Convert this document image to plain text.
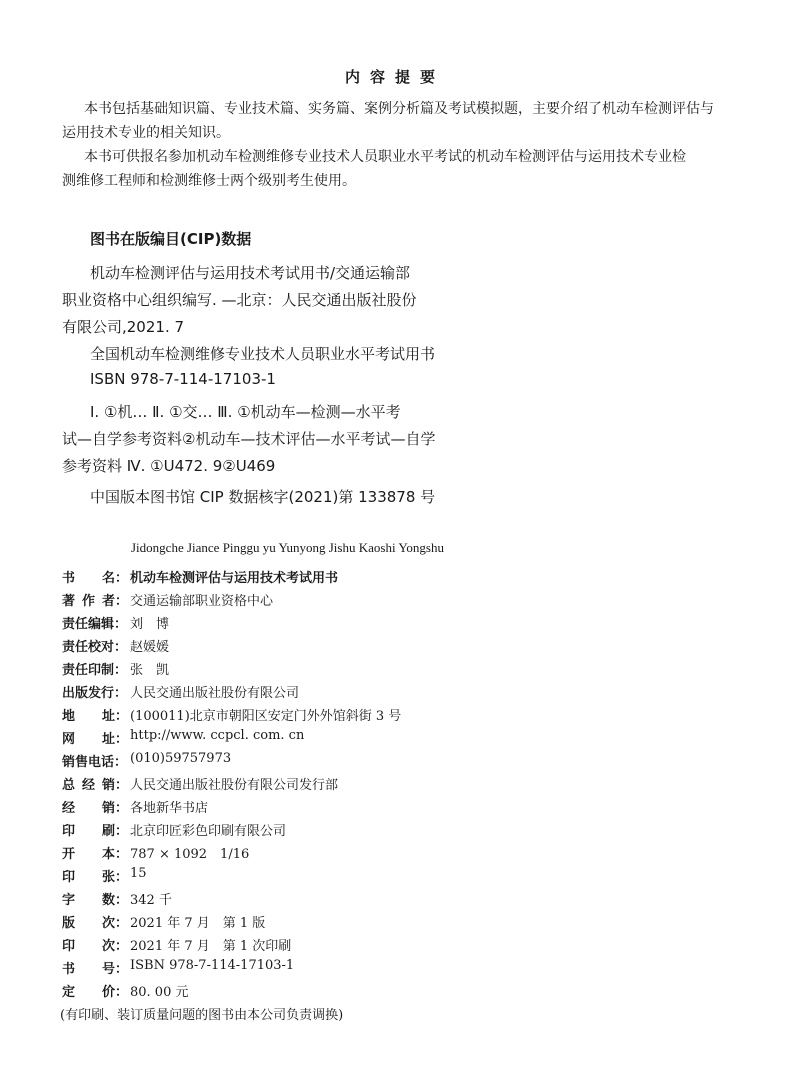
内容提要
本书包括基础知识篇、专业技术篇、实务篇、案例分析篇及考试模拟题，主要介绍了机动车检测评估与
运用技术专业的相关知识。
本书可供报名参加机动车检测维修专业技术人员职业水平考试的机动车检测评估与运用技术专业检
测维修工程师和检测维修士两个级别考生使用。
图书在版编目(CIP)数据
机动车检测评估与运用技术考试用书/交通运输部
职业资格中心组织编写. —北京：人民交通出版社股份
有限公司,2021. 7
全国机动车检测维修专业技术人员职业水平考试用书
ISBN 978-7-114-17103-1
Ⅰ. ①机… Ⅱ. ①交… Ⅲ. ①机动车—检测—水平考
试—自学参考资料②机动车—技术评估—水平考试—自学
参考资料 Ⅳ. ①U472. 9②U469
中国版本图书馆 CIP 数据核字(2021)第 133878 号
Jidongche Jiance Pinggu yu Yunyong Jishu Kaoshi Yongshu
书 名： 机动车检测评估与运用技术考试用书
著 作 者： 交通运输部职业资格中心
责任编辑： 刘　博
责任校对： 赵媛媛
责任印制： 张　凯
出版发行： 人民交通出版社股份有限公司
地 址： (100011)北京市朝阳区安定门外外馆斜街 3 号
网 址： http://www. ccpcl. com. cn
销售电话： (010)59757973
总 经 销： 人民交通出版社股份有限公司发行部
经 销： 各地新华书店
印 刷： 北京印匠彩色印刷有限公司
开 本： 787 × 1092　1/16
印 张： 15
字 数： 342 千
版 次： 2021 年 7 月　第 1 版
印 次： 2021 年 7 月　第 1 次印刷
书 号： ISBN 978-7-114-17103-1
定 价： 80. 00 元
(有印刷、装订质量问题的图书由本公司负责调换)
